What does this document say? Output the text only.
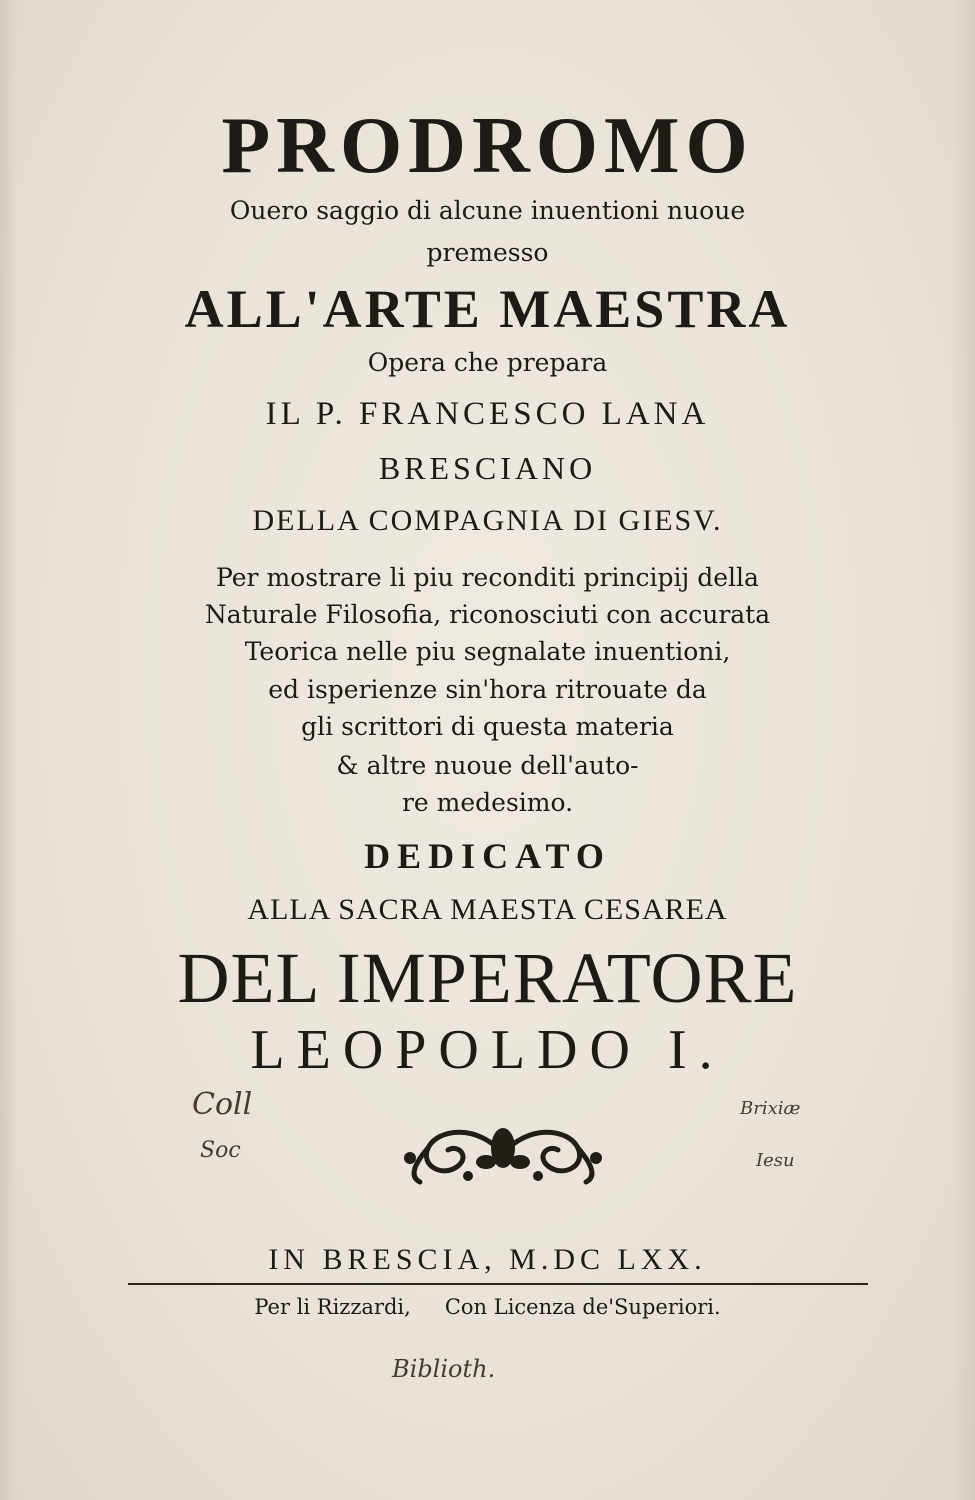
PRODROMO
Ouero saggio di alcune inuentioni nuoue
premesso
ALL'ARTE MAESTRA
Opera che prepara
IL P. FRANCESCO LANA
BRESCIANO
DELLA COMPAGNIA DI GIESV.
Per mostrare li piu reconditi principij della
Naturale Filosofia, riconosciuti con accurata
Teorica nelle piu segnalate inuentioni,
ed isperienze sin'hora ritrouate da
gli scrittori di questa materia
& altre nuoue dell'auto-
re medesimo.
DEDICATO
ALLA SACRA MAESTA CESAREA
DEL IMPERATORE
LEOPOLDO I.
Coll
Soc
Brixiæ
Iesu
IN BRESCIA, M.DC LXX.
Per li Rizzardi, Con Licenza de'Superiori.
Biblioth.
